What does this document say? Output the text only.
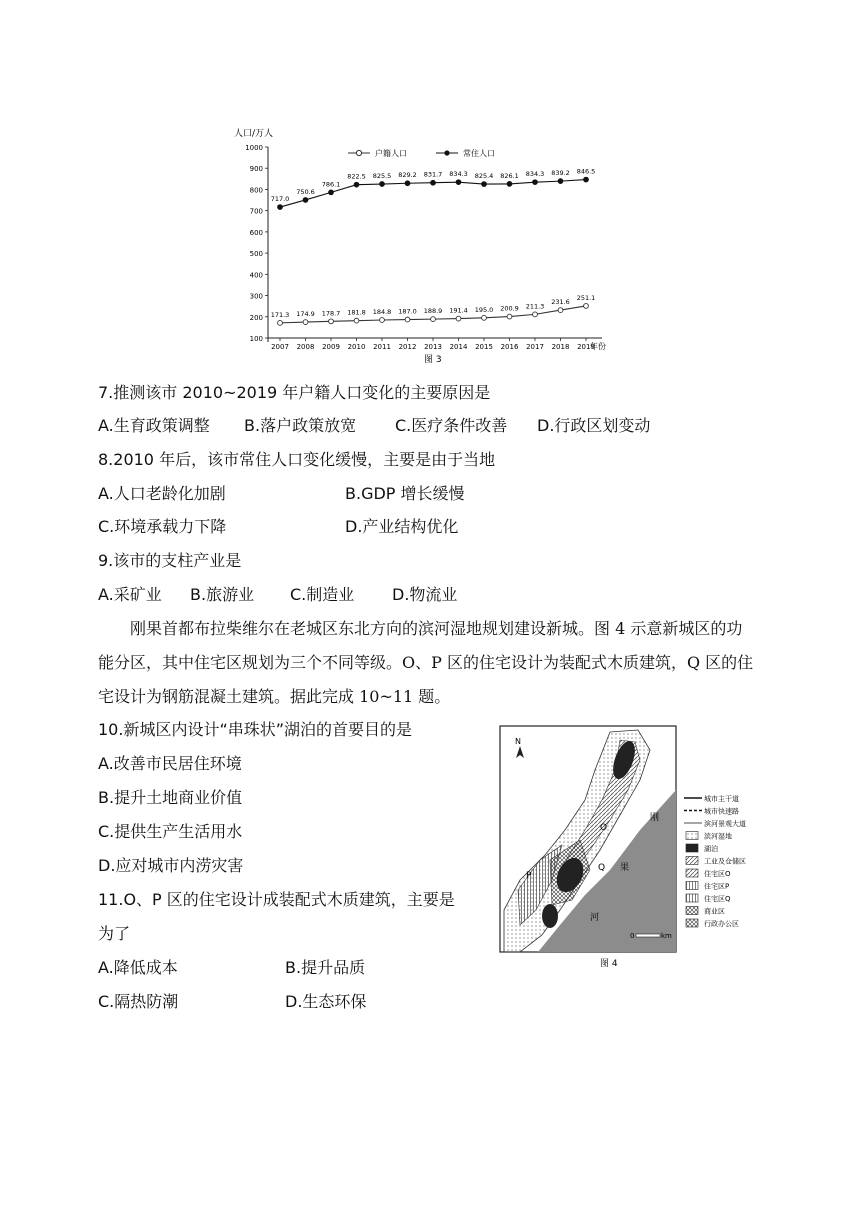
人口/万人
100
200
300
400
500
600
700
800
900
1000
2007 2008 2009 2010 2011 2012 2013 2014 2015 2016 2017 2018 2019
年份
户籍人口	常住人口
171.3 174.9 178.7 181.8 184.8 187.0 188.9 191.4 195.0 200.9 211.3
231.6
251.1
717.0
750.6
786.1
822.5 825.5 829.2 831.7 834.3 825.4 826.1 834.3 839.2 846.5
图 3
7.推测该市 2010~2019 年户籍人口变化的主要原因是
A.生育政策调整 B.落户政策放宽 C.医疗条件改善 D.行政区划变动
8.2010 年后，该市常住人口变化缓慢，主要是由于当地
A.人口老龄化加剧	B.GDP 增长缓慢
C.环境承载力下降	D.产业结构优化
9.该市的支柱产业是
A.采矿业 B.旅游业 C.制造业 D.物流业
刚果首都布拉柴维尔在老城区东北方向的滨河湿地规划建设新城。图 4 示意新城区的功能分区，其中住宅区规划为三个不同等级。O、P 区的住宅设计为装配式木质建筑，Q 区的住宅设计为钢筋混凝土建筑。据此完成 10~11 题。
10.新城区内设计“串珠状”湖泊的首要目的是
A.改善市民居住环境
B.提升土地商业价值
C.提供生产生活用水
D.应对城市内涝灾害
11.O、P 区的住宅设计成装配式木质建筑，主要是
为了
A.降低成本	B.提升品质
C.隔热防潮	D.生态环保
O
P
Q
刚
果
河
N
0	km
城市主干道
城市快速路
滨河景观大道
滨河湿地
湖泊
工业及仓储区
住宅区O
住宅区P
住宅区Q
商业区
行政办公区
图 4
